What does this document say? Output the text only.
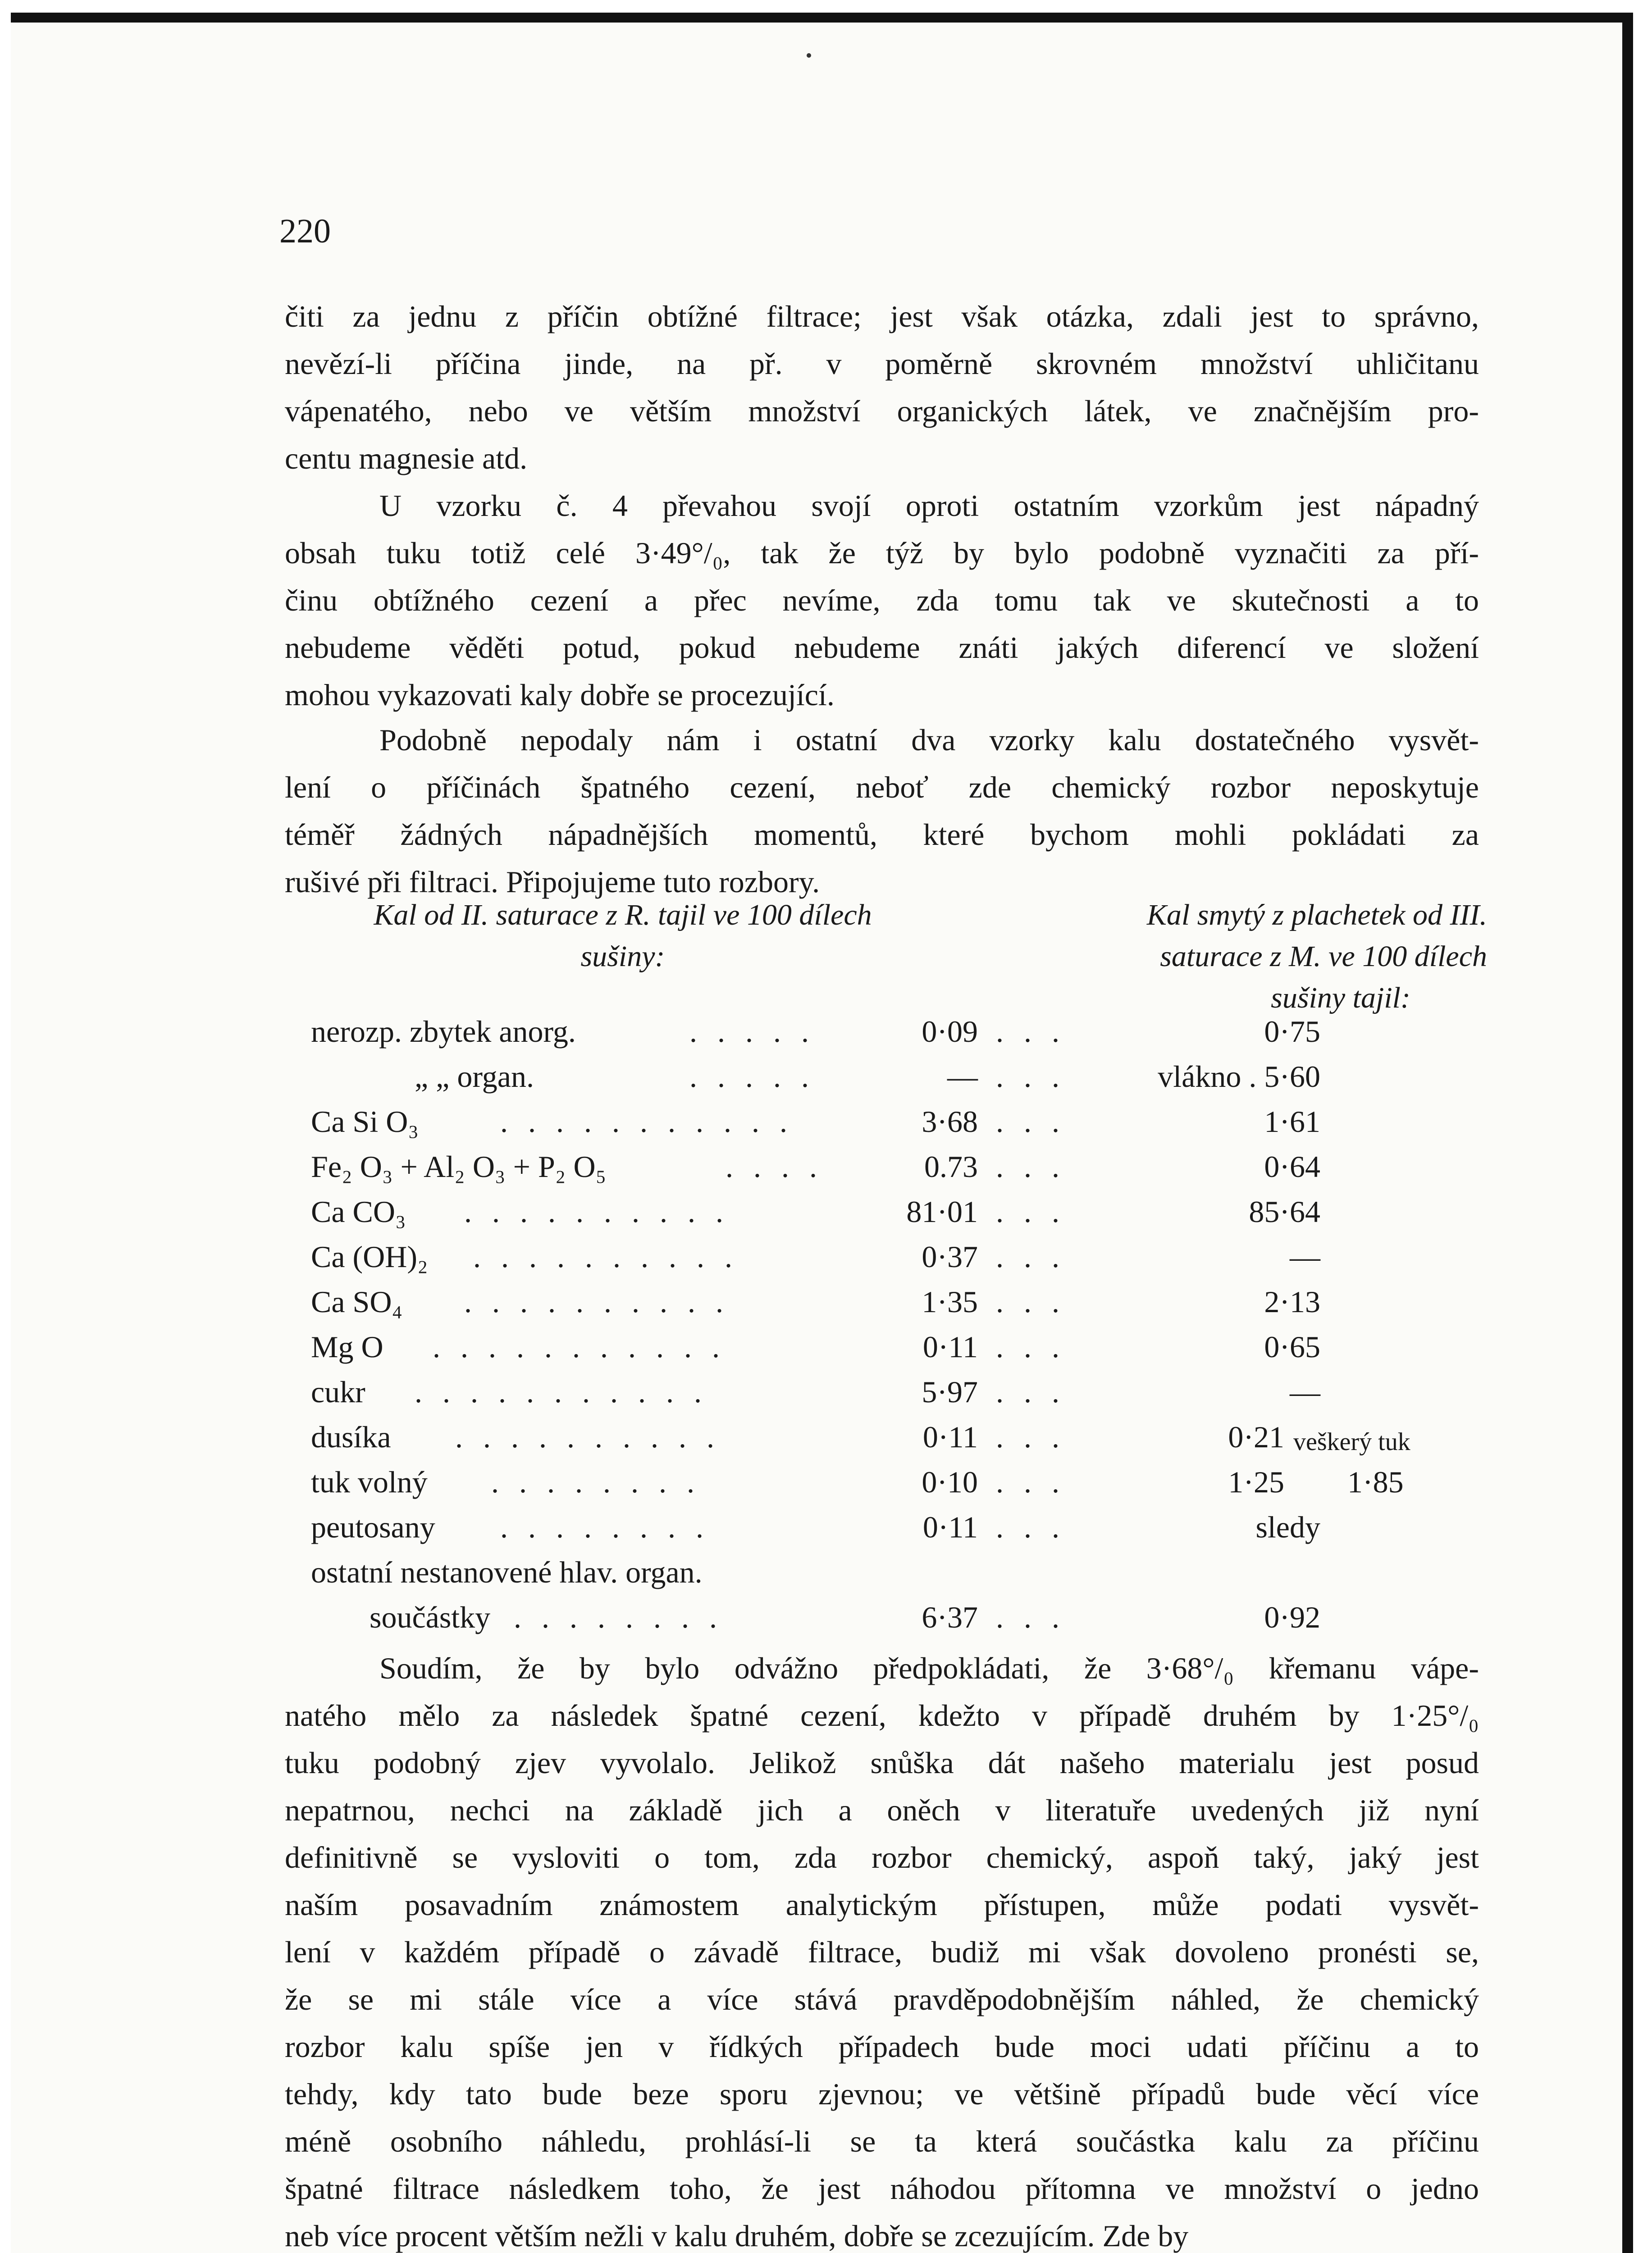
220

čiti za jednu z příčin obtížné filtrace; jest však otázka, zdali jest to správno,
nevězí-li příčina jinde, na př. v poměrně skrovném množství uhličitanu
vápenatého, nebo ve větším množství organických látek, ve značnějším pro-
centu magnesie atd.

U vzorku č. 4 převahou svojí oproti ostatním vzorkům jest nápadný
obsah tuku totiž celé 3·49°/₀, tak že týž by bylo podobně vyznačiti za pří-
činu obtížného cezení a přec nevíme, zda tomu tak ve skutečnosti a to
nebudeme věděti potud, pokud nebudeme znáti jakých diferencí ve složení
mohou vykazovati kaly dobře se procezující.

Podobně nepodaly nám i ostatní dva vzorky kalu dostatečného vysvět-
lení o příčinách špatného cezení, neboť zde chemický rozbor neposkytuje
téměř žádných nápadnějších momentů, které bychom mohli pokládati za
rušivé při filtraci. Připojujeme tuto rozbory.

Kal od II. saturace z R. tajil ve 100 dílech
sušiny:
Kal smytý z plachetek od III.
saturace z M. ve 100 dílech
sušiny tajil:
nerozp. zbytek anorg.	. . . . .	0·09 . . .	0·75
„ „ organ.	. . . . .	— . . .	vlákno . 5·60
Ca Si O₃	. . . . . . . . . . .	3·68 . . .	1·61
Fe₂ O₃ + Al₂ O₃ + P₂ O₅	. . . .	0.73 . . .	0·64
Ca CO₃ . . . . . . . . . .	81·01 . . .	85·64
Ca (OH)₂ . . . . . . . . . .	0·37 . . .	—
Ca SO₄ . . . . . . . . . .	1·35 . . .	2·13
Mg O . . . . . . . . . . .	0·11 . . .	0·65
cukr . . . . . . . . . . .	5·97 . . .	—
dusíka . . . . . . . . . .	0·11 . . .	0·21 veškerý tuk
tuk volný . . . . . . . .	0·10 . . .	1·25 1·85
peutosany . . . . . . . .	0·11 . . .	sledy
ostatní nestanovené hlav. organ.
součástky . . . . . . . .	6·37 . . .	0·92

Soudím, že by bylo odvážno předpokládati, že 3·68°/₀ křemanu vápe-
natého mělo za následek špatné cezení, kdežto v případě druhém by 1·25°/₀
tuku podobný zjev vyvolalo. Jelikož snůška dát našeho materialu jest posud
nepatrnou, nechci na základě jich a oněch v literatuře uvedených již nyní
definitivně se vysloviti o tom, zda rozbor chemický, aspoň taký, jaký jest
naším posavadním známostem analytickým přístupen, může podati vysvět-
lení v každém případě o závadě filtrace, budiž mi však dovoleno pronésti se,
že se mi stále více a více stává pravděpodobnějším náhled, že chemický
rozbor kalu spíše jen v řídkých případech bude moci udati příčinu a to
tehdy, kdy tato bude beze sporu zjevnou; ve většině případů bude věcí více
méně osobního náhledu, prohlásí-li se ta která součástka kalu za příčinu
špatné filtrace následkem toho, že jest náhodou přítomna ve množství o jedno
neb více procent větším nežli v kalu druhém, dobře se zcezujícím. Zde by
